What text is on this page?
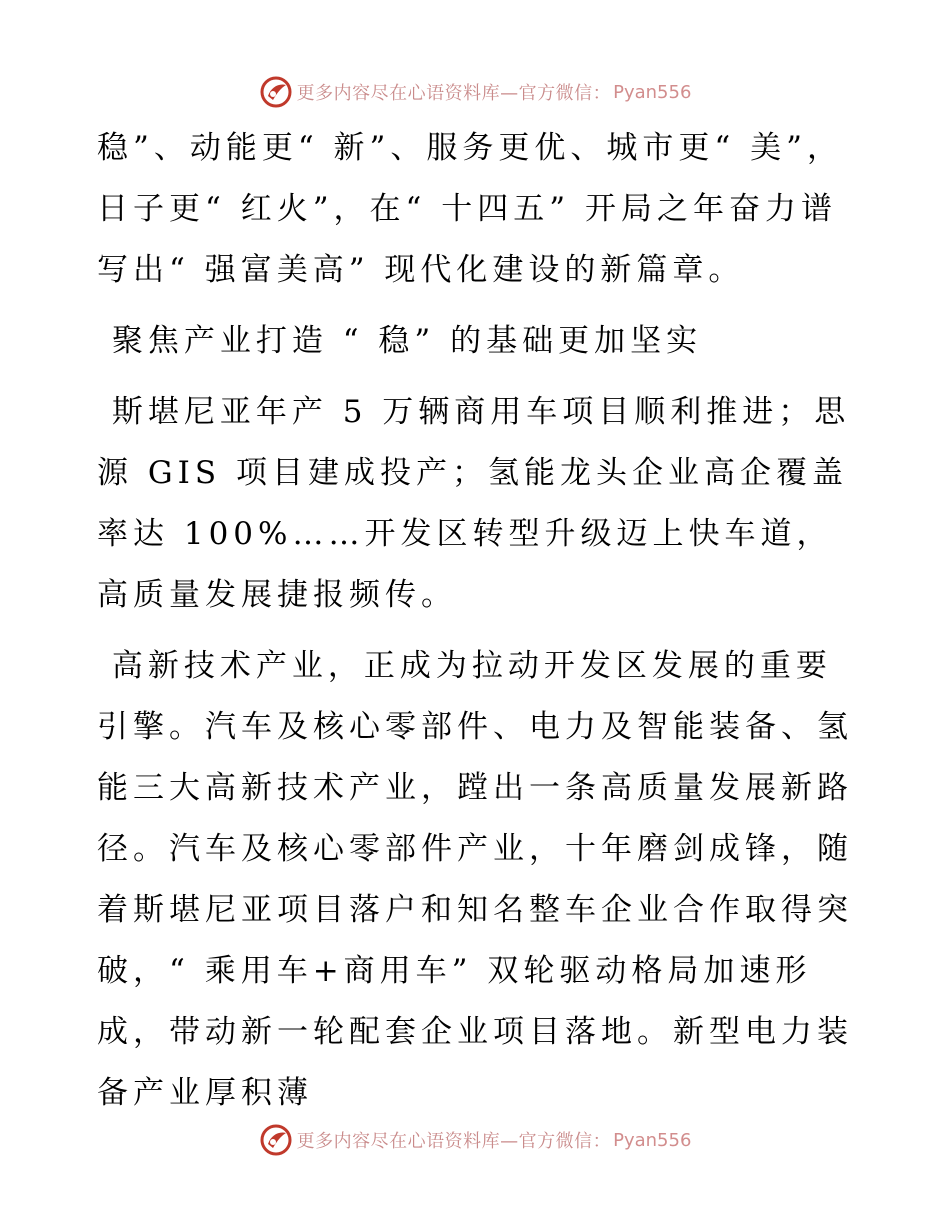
更多内容尽在心语资料库—官方微信： Pyan556

稳”、动能更“ 新”、服务更优、城市更“ 美”，日子更“ 红火”，在“ 十四五” 开局之年奋力谱写出“ 强富美高” 现代化建设的新篇章。

聚焦产业打造 “ 稳” 的基础更加坚实

斯堪尼亚年产 5 万辆商用车项目顺利推进；思源 GIS 项目建成投产；氢能龙头企业高企覆盖率达 100%……开发区转型升级迈上快车道，高质量发展捷报频传。

高新技术产业，正成为拉动开发区发展的重要引擎。汽车及核心零部件、电力及智能装备、氢能三大高新技术产业，蹚出一条高质量发展新路径。汽车及核心零部件产业，十年磨剑成锋，随着斯堪尼亚项目落户和知名整车企业合作取得突破，“ 乘用车+商用车” 双轮驱动格局加速形成，带动新一轮配套企业项目落地。新型电力装备产业厚积薄

更多内容尽在心语资料库—官方微信： Pyan556
